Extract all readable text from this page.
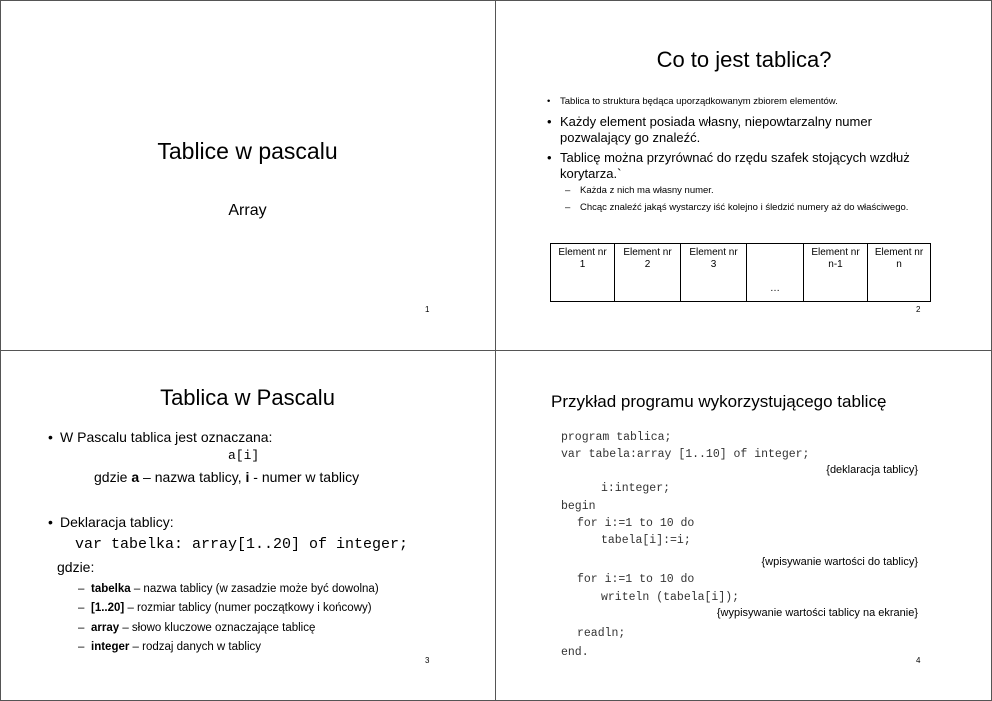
Tablice w pascalu
Array
1
Co to jest tablica?
• Tablica to struktura będąca uporządkowanym zbiorem elementów.
• Każdy element posiada własny, niepowtarzalny numer pozwalający go znaleźć.
• Tablicę można przyrównać do rzędu szafek stojących wzdłuż korytarza.`
– Każda z nich ma własny numer.
– Chcąc znaleźć jakąś wystarczy iść kolejno i śledzić numery aż do właściwego.
Element nr
1	Element nr
2	Element nr
3	…	Element nr
n-1	Element nr
n
2
Tablica w Pascalu
• W Pascalu tablica jest oznaczana:
a[i]
gdzie a – nazwa tablicy, i - numer w tablicy
• Deklaracja tablicy:
var tabelka: array[1..20] of integer;
gdzie:
– tabelka – nazwa tablicy (w zasadzie może być dowolna)
– [1..20] – rozmiar tablicy (numer początkowy i końcowy)
– array – słowo kluczowe oznaczające tablicę
– integer – rodzaj danych w tablicy
3
Przykład programu wykorzystującego tablicę
program tablica;
var tabela:array [1..10] of integer;
{deklaracja tablicy}
i:integer;
begin
for i:=1 to 10 do
tabela[i]:=i;
{wpisywanie wartości do tablicy}
for i:=1 to 10 do
writeln (tabela[i]);
{wypisywanie wartości tablicy na ekranie}
readln;
end.
4
